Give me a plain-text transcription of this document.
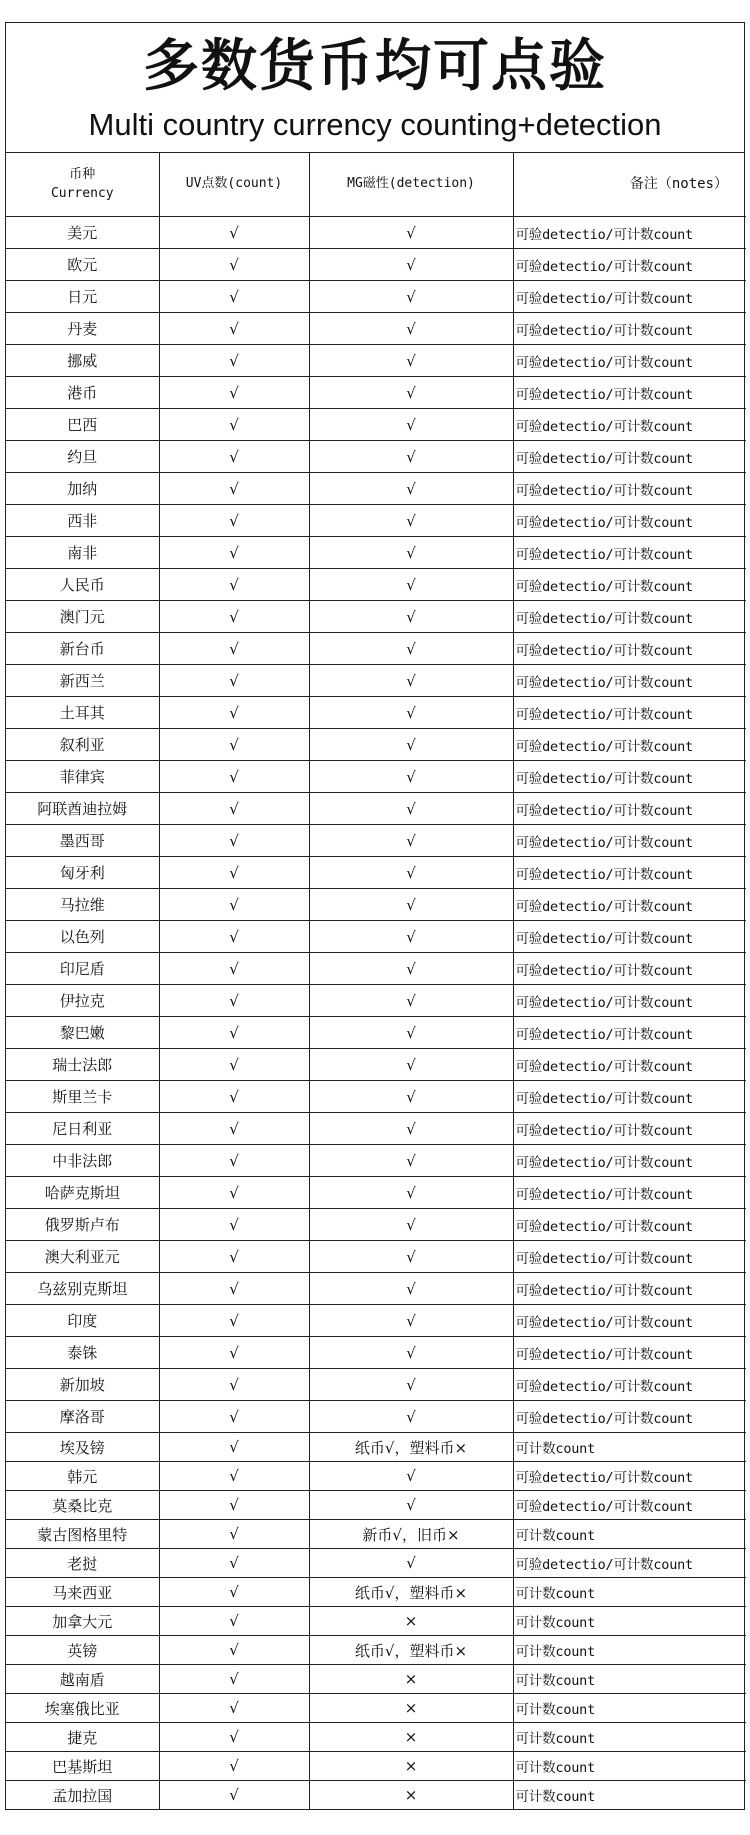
多数货币均可点验
Multi country currency counting+detection
币种
Currency	UV点数(count)	MG磁性(detection)	备注（notes）
美元	√	√	可验detectio/可计数count
欧元	√	√	可验detectio/可计数count
日元	√	√	可验detectio/可计数count
丹麦	√	√	可验detectio/可计数count
挪威	√	√	可验detectio/可计数count
港币	√	√	可验detectio/可计数count
巴西	√	√	可验detectio/可计数count
约旦	√	√	可验detectio/可计数count
加纳	√	√	可验detectio/可计数count
西非	√	√	可验detectio/可计数count
南非	√	√	可验detectio/可计数count
人民币	√	√	可验detectio/可计数count
澳门元	√	√	可验detectio/可计数count
新台币	√	√	可验detectio/可计数count
新西兰	√	√	可验detectio/可计数count
土耳其	√	√	可验detectio/可计数count
叙利亚	√	√	可验detectio/可计数count
菲律宾	√	√	可验detectio/可计数count
阿联酋迪拉姆	√	√	可验detectio/可计数count
墨西哥	√	√	可验detectio/可计数count
匈牙利	√	√	可验detectio/可计数count
马拉维	√	√	可验detectio/可计数count
以色列	√	√	可验detectio/可计数count
印尼盾	√	√	可验detectio/可计数count
伊拉克	√	√	可验detectio/可计数count
黎巴嫩	√	√	可验detectio/可计数count
瑞士法郎	√	√	可验detectio/可计数count
斯里兰卡	√	√	可验detectio/可计数count
尼日利亚	√	√	可验detectio/可计数count
中非法郎	√	√	可验detectio/可计数count
哈萨克斯坦	√	√	可验detectio/可计数count
俄罗斯卢布	√	√	可验detectio/可计数count
澳大利亚元	√	√	可验detectio/可计数count
乌兹别克斯坦	√	√	可验detectio/可计数count
印度	√	√	可验detectio/可计数count
泰铢	√	√	可验detectio/可计数count
新加坡	√	√	可验detectio/可计数count
摩洛哥	√	√	可验detectio/可计数count
埃及镑	√	纸币√，塑料币×	可计数count
韩元	√	√	可验detectio/可计数count
莫桑比克	√	√	可验detectio/可计数count
蒙古图格里特	√	新币√，旧币×	可计数count
老挝	√	√	可验detectio/可计数count
马来西亚	√	纸币√，塑料币×	可计数count
加拿大元	√	×	可计数count
英镑	√	纸币√，塑料币×	可计数count
越南盾	√	×	可计数count
埃塞俄比亚	√	×	可计数count
捷克	√	×	可计数count
巴基斯坦	√	×	可计数count
孟加拉国	√	×	可计数count
